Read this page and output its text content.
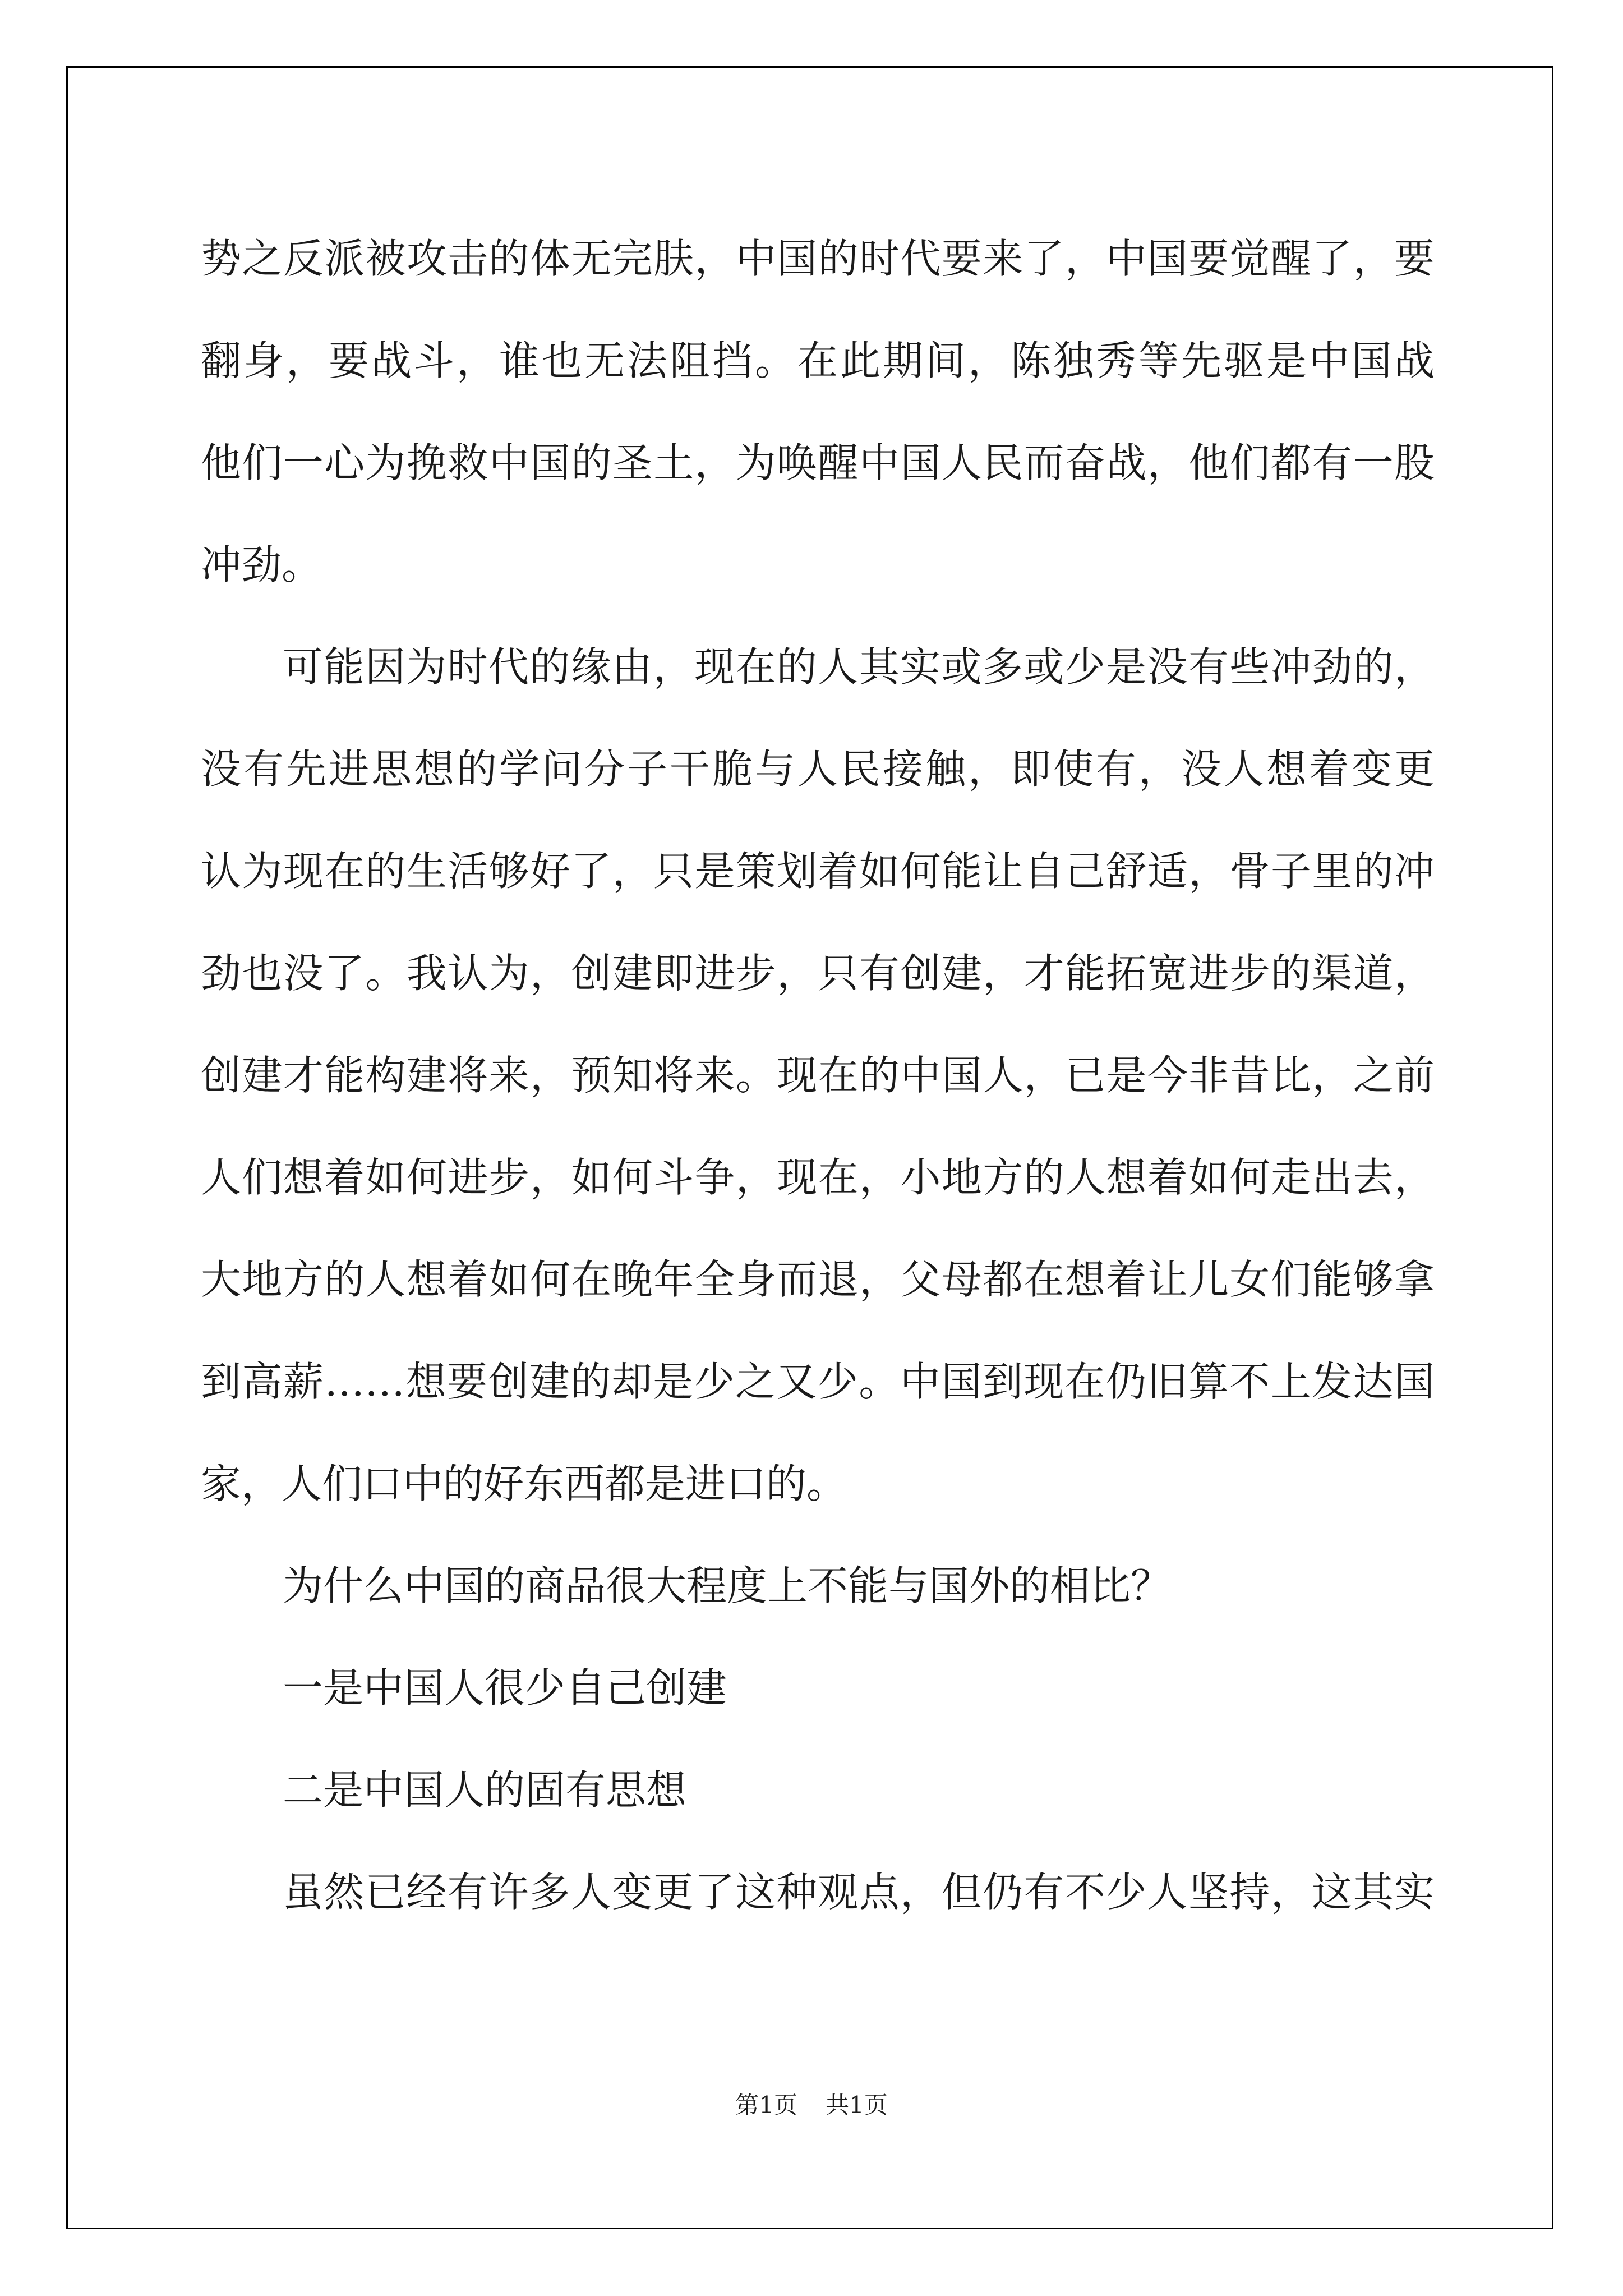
势之反派被攻击的体无完肤，中国的时代要来了，中国要觉醒了，要
翻身，要战斗，谁也无法阻挡。在此期间，陈独秀等先驱是中国战
他们一心为挽救中国的圣土，为唤醒中国人民而奋战，他们都有一股
冲劲。
可能因为时代的缘由，现在的人其实或多或少是没有些冲劲的，
没有先进思想的学问分子干脆与人民接触，即使有，没人想着变更
认为现在的生活够好了，只是策划着如何能让自己舒适，骨子里的冲
劲也没了。我认为，创建即进步，只有创建，才能拓宽进步的渠道，
创建才能构建将来，预知将来。现在的中国人，已是今非昔比，之前
人们想着如何进步，如何斗争，现在，小地方的人想着如何走出去，
大地方的人想着如何在晚年全身而退，父母都在想着让儿女们能够拿
到高薪……想要创建的却是少之又少。中国到现在仍旧算不上发达国
家，人们口中的好东西都是进口的。
为什么中国的商品很大程度上不能与国外的相比？
一是中国人很少自己创建
二是中国人的固有思想
虽然已经有许多人变更了这种观点，但仍有不少人坚持，这其实
第1页 共1页
